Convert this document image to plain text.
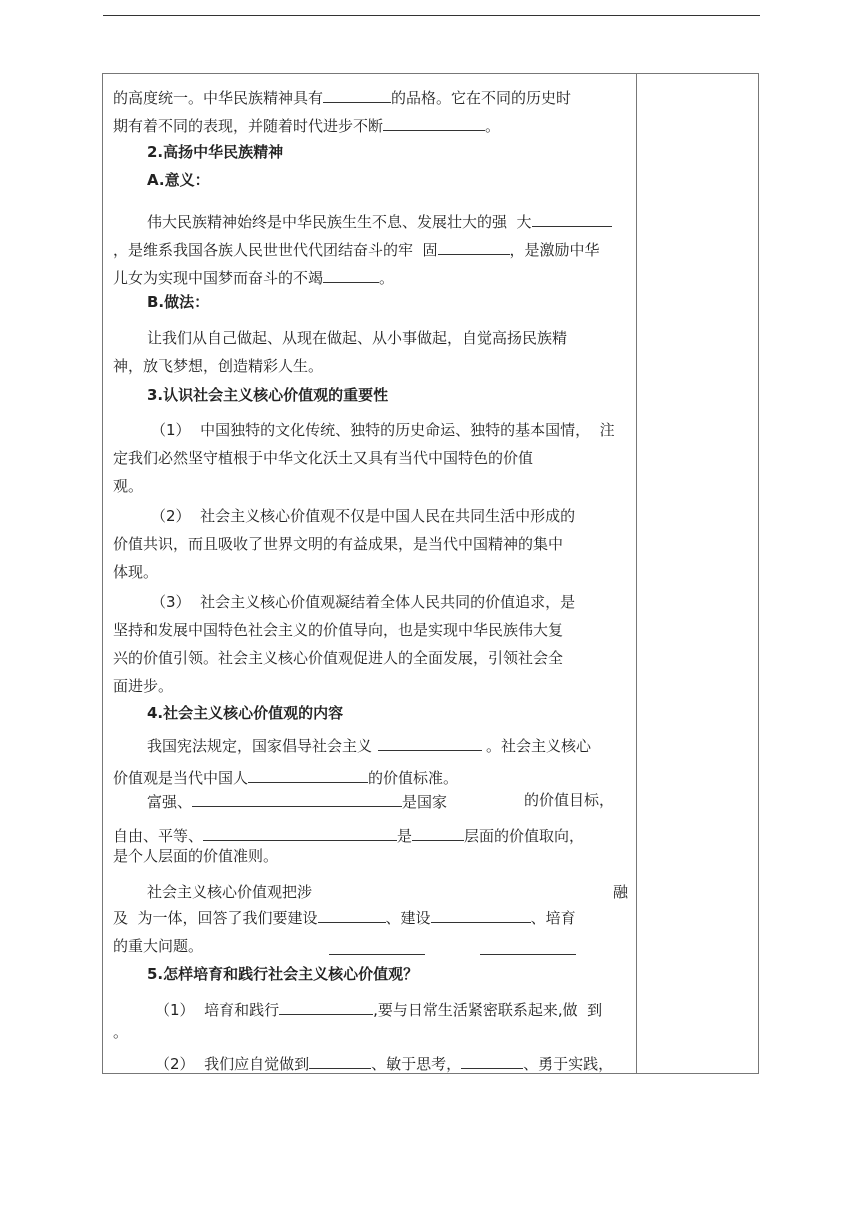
的高度统一。中华民族精神具有	的品格。它在不同的历史时
期有着不同的表现，并随着时代进步不断	。
2.高扬中华民族精神
A.意义：
伟大民族精神始终是中华民族生生不息、发展壮大的强  大
，是维系我国各族人民世世代代团结奋斗的牢  固	，是激励中华
儿女为实现中国梦而奋斗的不竭	。
B.做法：
让我们从自己做起、从现在做起、从小事做起，自觉高扬民族精
神，放飞梦想，创造精彩人生。
3.认识社会主义核心价值观的重要性
（1）  中国独特的文化传统、独特的历史命运、独特的基本国情，  注
定我们必然坚守植根于中华文化沃土又具有当代中国特色的价值
观。
（2）  社会主义核心价值观不仅是中国人民在共同生活中形成的
价值共识，而且吸收了世界文明的有益成果，是当代中国精神的集中
体现。
（3）  社会主义核心价值观凝结着全体人民共同的价值追求，是
坚持和发展中国特色社会主义的价值导向，也是实现中华民族伟大复
兴的价值引领。社会主义核心价值观促进人的全面发展，引领社会全
面进步。
4.社会主义核心价值观的内容
我国宪法规定，国家倡导社会主义	。社会主义核心
价值观是当代中国人	的价值标准。
富强、	是国家	的价值目标，
自由、平等、	是	层面的价值取向，
是个人层面的价值准则。
社会主义核心价值观把涉	融
及  为一体，回答了我们要建设	、建设	、培育
的重大问题。
5.怎样培育和践行社会主义核心价值观？
（1）  培育和践行	,要与日常生活紧密联系起来,做  到
。
（2）  我们应自觉做到	、敏于思考，	、勇于实践，
